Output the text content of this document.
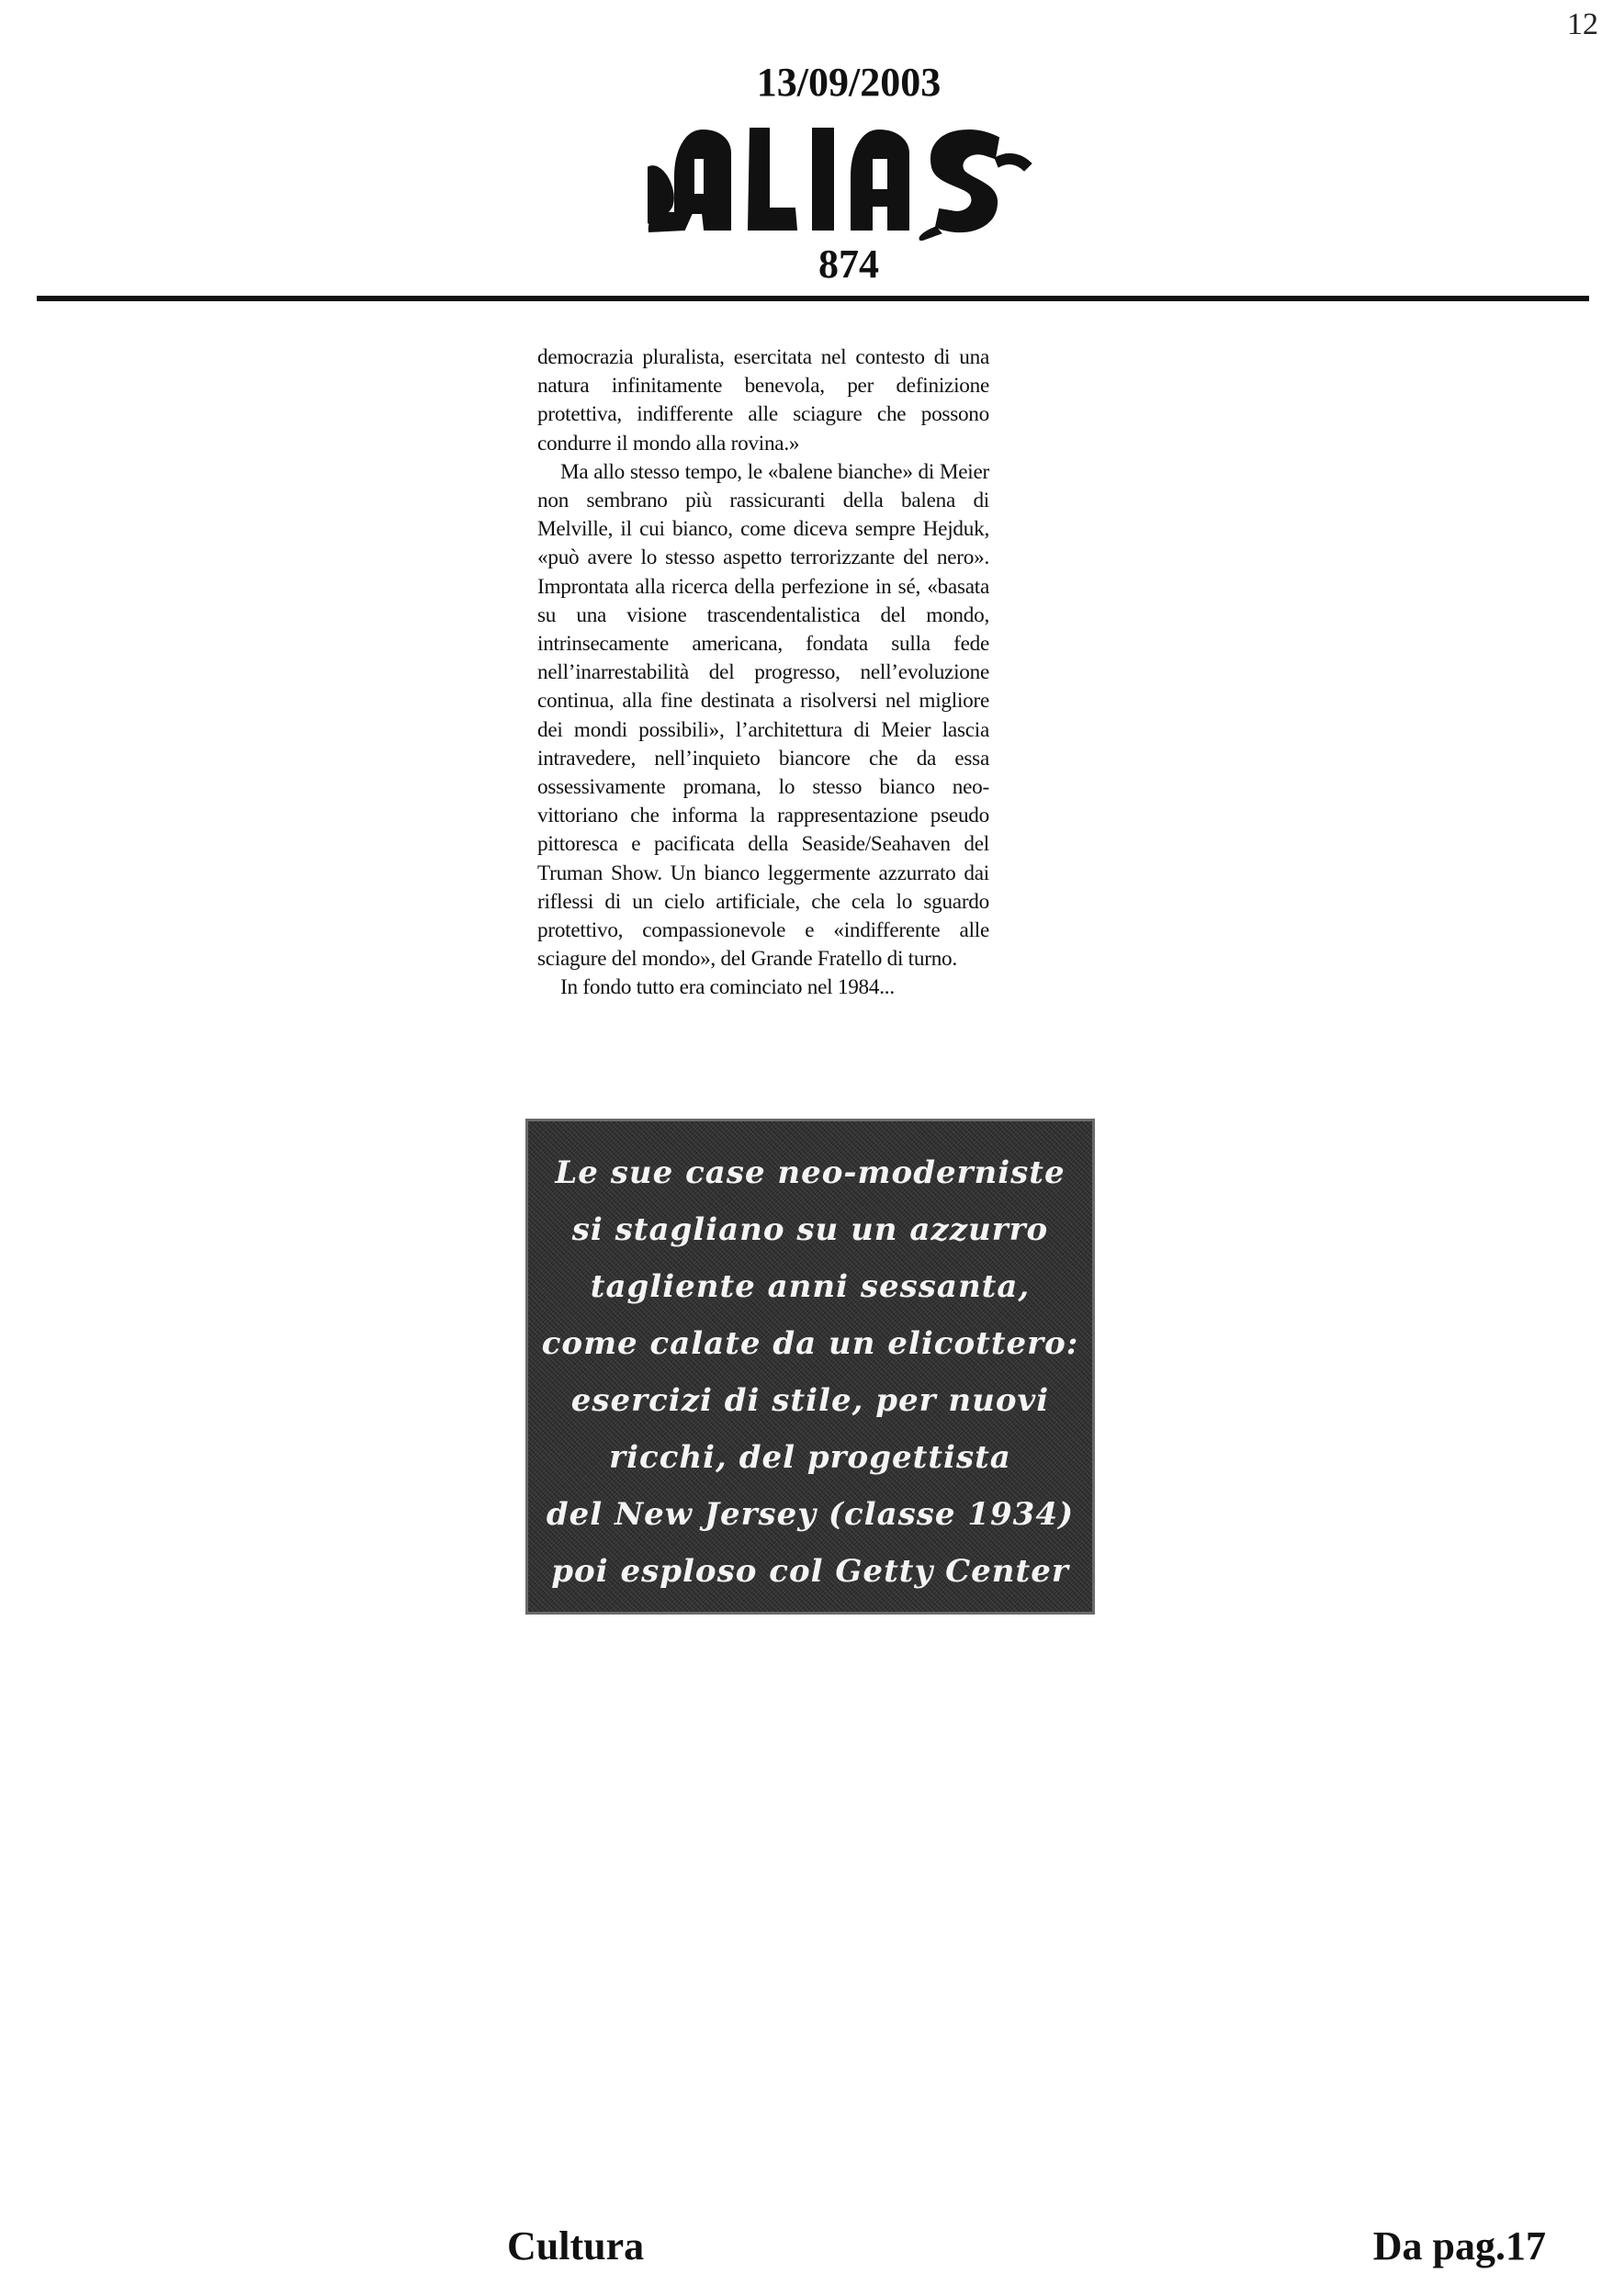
12
13/09/2003
874

democrazia pluralista, esercitata nel contesto di una natura infinitamente benevola, per definizione protettiva, indifferente alle sciagure che possono condurre il mondo alla rovina.»

Ma allo stesso tempo, le «balene bianche» di Meier non sembrano più rassicuranti della balena di Melville, il cui bianco, come diceva sempre Hejduk, «può avere lo stesso aspetto terrorizzante del nero». Improntata alla ricerca della perfezione in sé, «basata su una visione trascendentalistica del mondo, intrinsecamente americana, fondata sulla fede nell’inarrestabilità del progresso, nell’evoluzione continua, alla fine destinata a risolversi nel migliore dei mondi possibili», l’architettura di Meier lascia intravedere, nell’inquieto biancore che da essa ossessivamente promana, lo stesso bianco neo-vittoriano che informa la rappresentazione pseudo pittoresca e pacificata della Seaside/Seahaven del Truman Show. Un bianco leggermente azzurrato dai riflessi di un cielo artificiale, che cela lo sguardo protettivo, compassionevole e «indifferente alle sciagure del mondo», del Grande Fratello di turno.

In fondo tutto era cominciato nel 1984...

Le sue case neo-moderniste
si stagliano su un azzurro
tagliente anni sessanta,
come calate da un elicottero:
esercizi di stile, per nuovi
ricchi, del progettista
del New Jersey (classe 1934)
poi esploso col Getty Center
Cultura	Da pag.17
